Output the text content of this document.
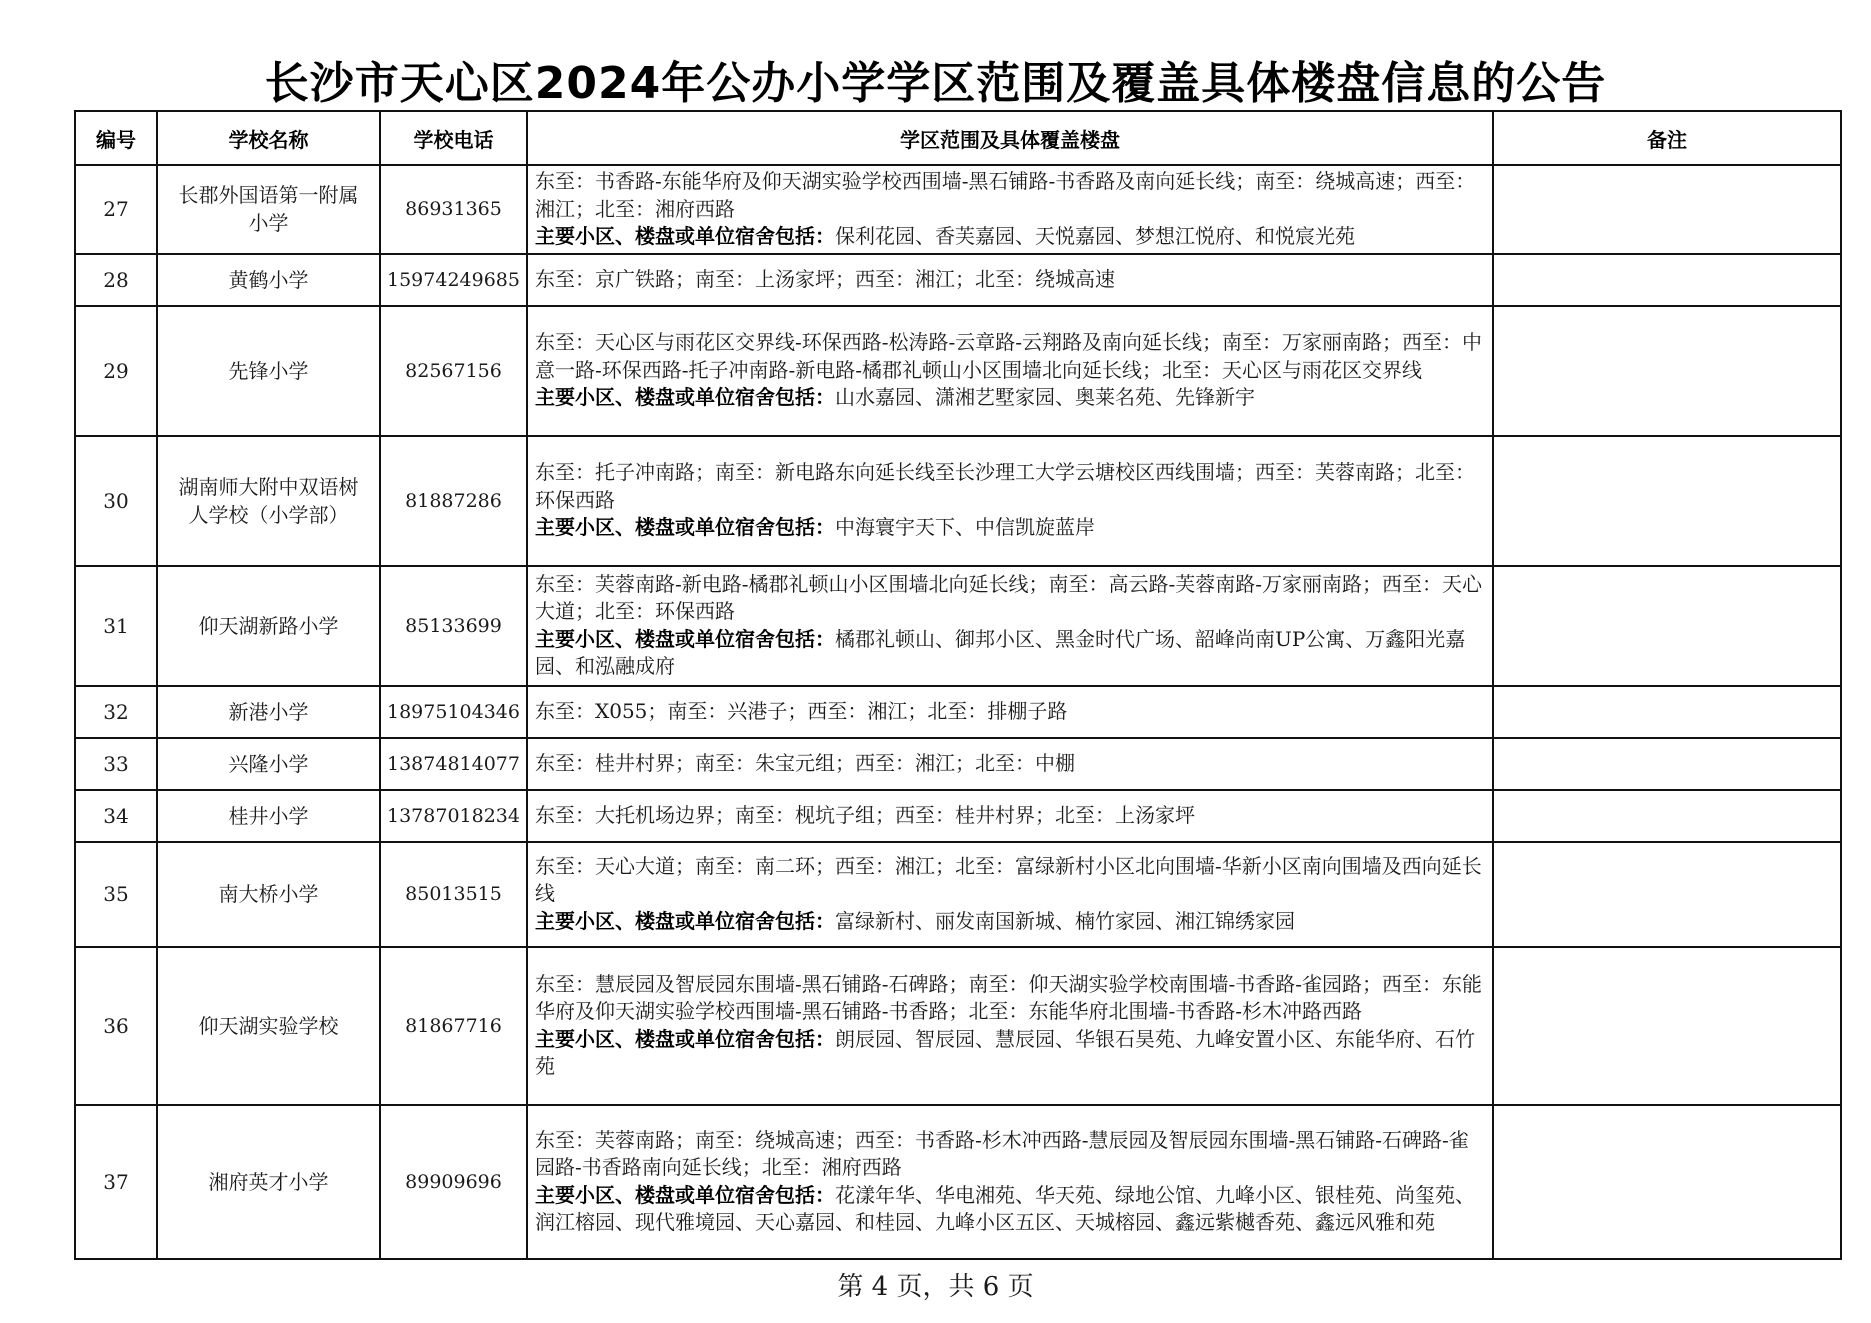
长沙市天心区2024年公办小学学区范围及覆盖具体楼盘信息的公告
编号	学校名称	学校电话	学区范围及具体覆盖楼盘	备注
27	长郡外国语第一附属小学	86931365	东至：书香路-东能华府及仰天湖实验学校西围墙-黑石铺路-书香路及南向延长线；南至：绕城高速；西至：湘江；北至：湘府西路
主要小区、楼盘或单位宿舍包括：保利花园、香芙嘉园、天悦嘉园、梦想江悦府、和悦宸光苑	

28	黄鹤小学	15974249685	东至：京广铁路；南至：上汤家坪；西至：湘江；北至：绕城高速	

29	先锋小学	82567156	东至：天心区与雨花区交界线-环保西路-松涛路-云章路-云翔路及南向延长线；南至：万家丽南路；西至：中意一路-环保西路-托子冲南路-新电路-橘郡礼顿山小区围墙北向延长线；北至：天心区与雨花区交界线
主要小区、楼盘或单位宿舍包括：山水嘉园、潇湘艺墅家园、奥莱名苑、先锋新宇	

30	湖南师大附中双语树人学校（小学部）	81887286	东至：托子冲南路；南至：新电路东向延长线至长沙理工大学云塘校区西线围墙；西至：芙蓉南路；北至：环保西路
主要小区、楼盘或单位宿舍包括：中海寰宇天下、中信凯旋蓝岸	

31	仰天湖新路小学	85133699	东至：芙蓉南路-新电路-橘郡礼顿山小区围墙北向延长线；南至：高云路-芙蓉南路-万家丽南路；西至：天心大道；北至：环保西路
主要小区、楼盘或单位宿舍包括：橘郡礼顿山、御邦小区、黑金时代广场、韶峰尚南UP公寓、万鑫阳光嘉园、和泓融成府	

32	新港小学	18975104346	东至：X055；南至：兴港子；西至：湘江；北至：排棚子路	

33	兴隆小学	13874814077	东至：桂井村界；南至：朱宝元组；西至：湘江；北至：中棚	

34	桂井小学	13787018234	东至：大托机场边界；南至：枧坑子组；西至：桂井村界；北至：上汤家坪	

35	南大桥小学	85013515	东至：天心大道；南至：南二环；西至：湘江；北至：富绿新村小区北向围墙-华新小区南向围墙及西向延长线
主要小区、楼盘或单位宿舍包括：富绿新村、丽发南国新城、楠竹家园、湘江锦绣家园	

36	仰天湖实验学校	81867716	东至：慧辰园及智辰园东围墙-黑石铺路-石碑路；南至：仰天湖实验学校南围墙-书香路-雀园路；西至：东能华府及仰天湖实验学校西围墙-黑石铺路-书香路；北至：东能华府北围墙-书香路-杉木冲路西路
主要小区、楼盘或单位宿舍包括：朗辰园、智辰园、慧辰园、华银石昊苑、九峰安置小区、东能华府、石竹苑	

37	湘府英才小学	89909696	东至：芙蓉南路；南至：绕城高速；西至：书香路-杉木冲西路-慧辰园及智辰园东围墙-黑石铺路-石碑路-雀园路-书香路南向延长线；北至：湘府西路
主要小区、楼盘或单位宿舍包括：花漾年华、华电湘苑、华天苑、绿地公馆、九峰小区、银桂苑、尚玺苑、润江榕园、现代雅境园、天心嘉园、和桂园、九峰小区五区、天城榕园、鑫远紫樾香苑、鑫远风雅和苑	

第 4 页，共 6 页
